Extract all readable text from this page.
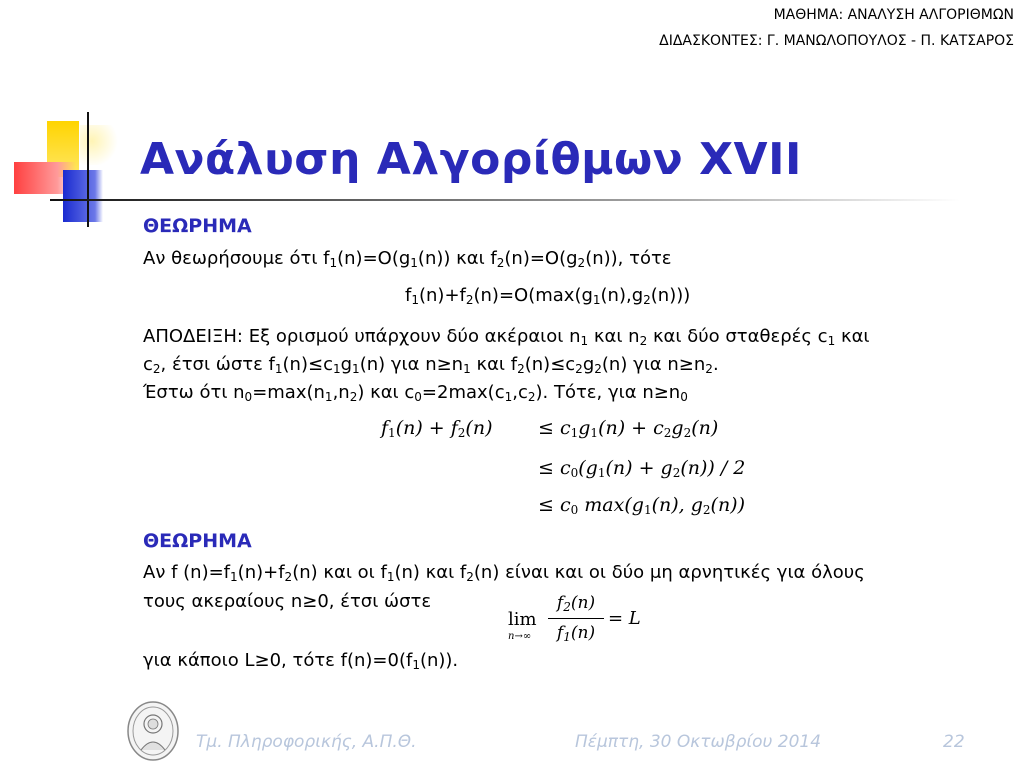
ΜΑΘΗΜΑ: ΑΝΑΛΥΣΗ ΑΛΓΟΡΙΘΜΩΝ
ΔΙΔΑΣΚΟΝΤΕΣ: Γ. ΜΑΝΩΛΟΠΟΥΛΟΣ - Π. ΚΑΤΣΑΡΟΣ
Ανάλυση Αλγορίθμων XVII
ΘΕΩΡΗΜΑ
Αν θεωρήσουμε ότι $f_1(n)=O(g_1(n))$ και $f_2(n)=O(g_2(n))$, τότε
$f_1(n)+f_2(n)=O(\max(g_1(n),g_2(n)))$
ΑΠΟΔΕΙΞΗ: Εξ ορισμού υπάρχουν δύο ακέραιοι $n_1$ και $n_2$ και δύο σταθερές $c_1$ και
$c_2$, έτσι ώστε $f_1(n)\le c_1g_1(n)$ για $n\ge n_1$ και $f_2(n)\le c_2g_2(n)$ για $n\ge n_2$.
Έστω ότι $n_0=\max(n_1,n_2)$ και $c_0=2\max(c_1,c_2)$. Τότε, για $n\ge n_0$
$f_1(n) + f_2(n) \le c_1g_1(n) + c_2g_2(n)$
≤ $c_0(g_1(n) + g_2(n)) / 2$
≤ $c_0$ $\max(g_1(n)$, $g_2(n)$)
ΘΕΩΡΗΜΑ
Αν f $(n)=f_1(n)+f_2(n)$ και οι $f_1(n)$ και $f_2(n)$ είναι και οι δύο μη αρνητικές για όλους
τους ακεραίους n≥0, έτσι ώστε
lim
n→∞
$f_2(n)$
$f_1(n)$
= L
για κάποιο L≥0, τότε $f(n)=0(f_1(n))$.
Τμ. Πληροφορικής, Α.Π.Θ.	Πέμπτη, 30 Οκτωβρίου 2014	22
